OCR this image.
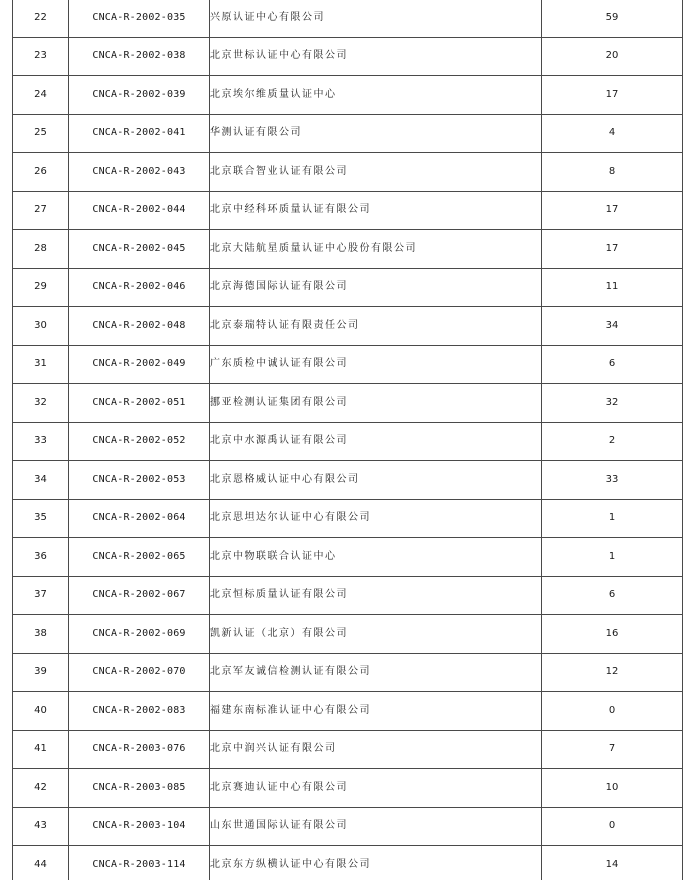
22	CNCA-R-2002-035	兴原认证中心有限公司	59
23	CNCA-R-2002-038	北京世标认证中心有限公司	20
24	CNCA-R-2002-039	北京埃尔维质量认证中心	17
25	CNCA-R-2002-041	华测认证有限公司	4
26	CNCA-R-2002-043	北京联合智业认证有限公司	8
27	CNCA-R-2002-044	北京中经科环质量认证有限公司	17
28	CNCA-R-2002-045	北京大陆航星质量认证中心股份有限公司	17
29	CNCA-R-2002-046	北京海德国际认证有限公司	11
30	CNCA-R-2002-048	北京泰瑞特认证有限责任公司	34
31	CNCA-R-2002-049	广东质检中诚认证有限公司	6
32	CNCA-R-2002-051	挪亚检测认证集团有限公司	32
33	CNCA-R-2002-052	北京中水源禹认证有限公司	2
34	CNCA-R-2002-053	北京恩格威认证中心有限公司	33
35	CNCA-R-2002-064	北京思坦达尔认证中心有限公司	1
36	CNCA-R-2002-065	北京中物联联合认证中心	1
37	CNCA-R-2002-067	北京恒标质量认证有限公司	6
38	CNCA-R-2002-069	凯新认证（北京）有限公司	16
39	CNCA-R-2002-070	北京军友诚信检测认证有限公司	12
40	CNCA-R-2002-083	福建东南标准认证中心有限公司	0
41	CNCA-R-2003-076	北京中润兴认证有限公司	7
42	CNCA-R-2003-085	北京赛迪认证中心有限公司	10
43	CNCA-R-2003-104	山东世通国际认证有限公司	0
44	CNCA-R-2003-114	北京东方纵横认证中心有限公司	14
